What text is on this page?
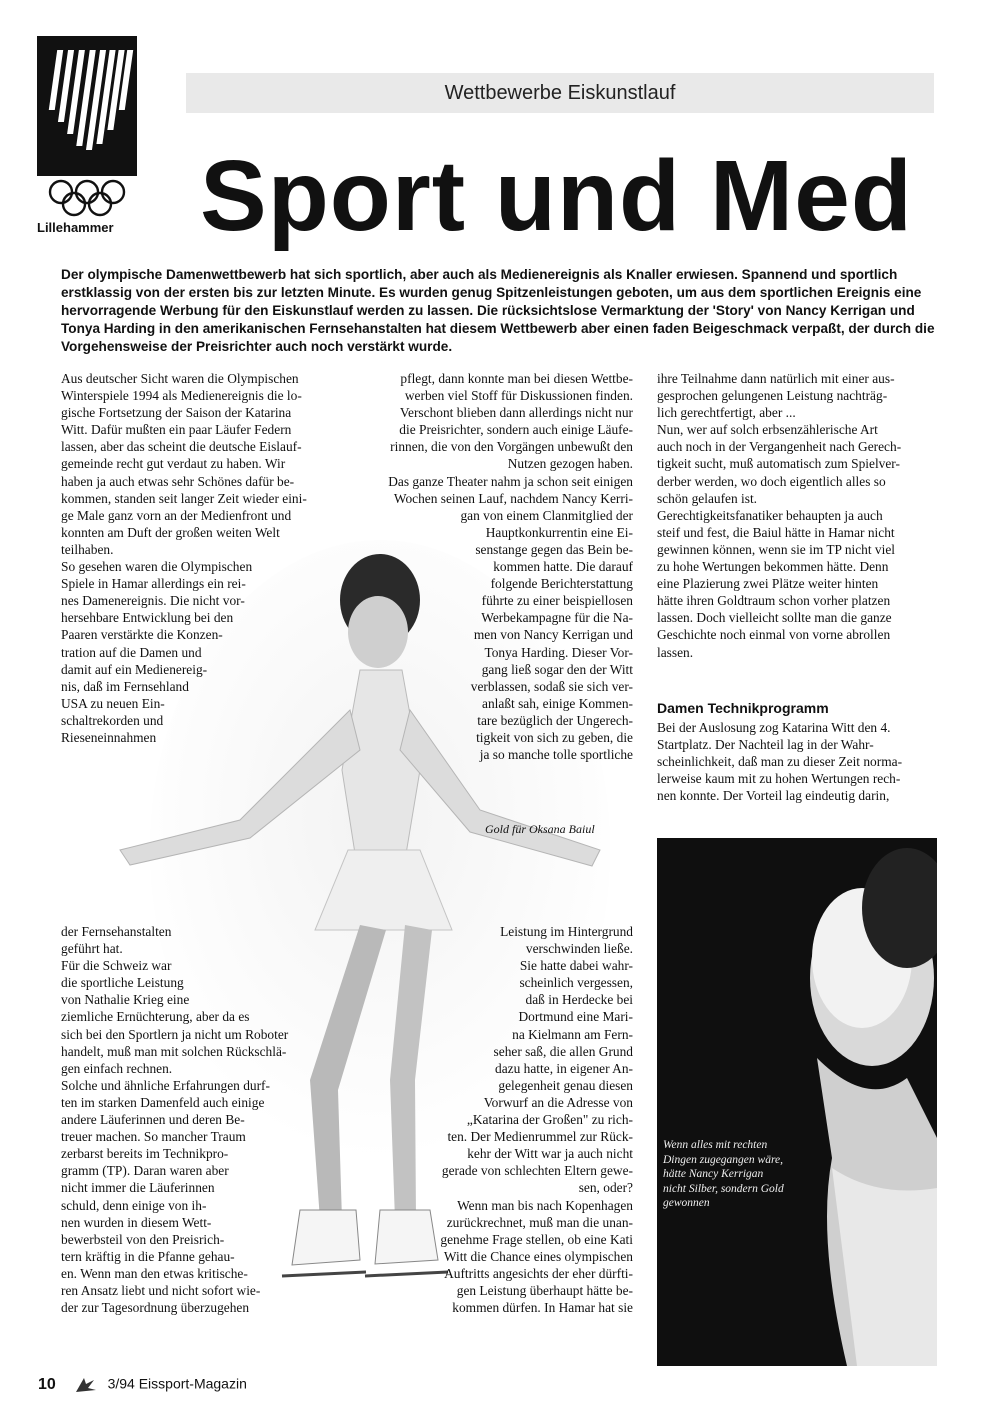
Lillehammer
Wettbewerbe Eiskunstlauf
Sport und Med
Der olympische Damenwettbewerb hat sich sportlich, aber auch als Medienereignis als Knaller erwiesen. Spannend und sportlich erstklassig von der ersten bis zur letzten Minute. Es wurden genug Spitzenleistungen geboten, um aus dem sportlichen Ereignis eine hervorragende Werbung für den Eiskunstlauf werden zu lassen. Die rücksichtslose Vermarktung der 'Story' von Nancy Kerrigan und Tonya Harding in den amerikanischen Fernsehanstalten hat diesem Wettbewerb aber einen faden Beigeschmack verpaßt, der durch die Vorgehensweise der Preisrichter auch noch verstärkt wurde.

Aus deutscher Sicht waren die Olympischen

Winterspiele 1994 als Medienereignis die lo-

gische Fortsetzung der Saison der Katarina

Witt. Dafür mußten ein paar Läufer Federn

lassen, aber das scheint die deutsche Eislauf-

gemeinde recht gut verdaut zu haben. Wir

haben ja auch etwas sehr Schönes dafür be-

kommen, standen seit langer Zeit wieder eini-

ge Male ganz vorn an der Medienfront und

konnten am Duft der großen weiten Welt

teilhaben.

So gesehen waren die Olympischen

Spiele in Hamar allerdings ein rei-

nes Damenereignis. Die nicht vor-

hersehbare Entwicklung bei den

Paaren verstärkte die Konzen-

tration auf die Damen und

damit auf ein Medienereig-

nis, daß im Fernsehland

USA zu neuen Ein-

schaltrekorden und

Rieseneinnahmen

der Fernsehanstalten

geführt hat.

Für die Schweiz war

die sportliche Leistung

von Nathalie Krieg eine

ziemliche Ernüchterung, aber da es

sich bei den Sportlern ja nicht um Roboter

handelt, muß man mit solchen Rückschlä-

gen einfach rechnen.

Solche und ähnliche Erfahrungen durf-

ten im starken Damenfeld auch einige

andere Läuferinnen und deren Be-

treuer machen. So mancher Traum

zerbarst bereits im Technikpro-

gramm (TP). Daran waren aber

nicht immer die Läuferinnen

schuld, denn einige von ih-

nen wurden in diesem Wett-

bewerbsteil von den Preisrich-

tern kräftig in die Pfanne gehau-

en. Wenn man den etwas kritische-

ren Ansatz liebt und nicht sofort wie-

der zur Tagesordnung überzugehen

pflegt, dann konnte man bei diesen Wettbe-

werben viel Stoff für Diskussionen finden.

Verschont blieben dann allerdings nicht nur

die Preisrichter, sondern auch einige Läufe-

rinnen, die von den Vorgängen unbewußt den

Nutzen gezogen haben.

Das ganze Theater nahm ja schon seit einigen

Wochen seinen Lauf, nachdem Nancy Kerri-

gan von einem Clanmitglied der

Hauptkonkurrentin eine Ei-

senstange gegen das Bein be-

kommen hatte. Die darauf

folgende Berichterstattung

führte zu einer beispiellosen

Werbekampagne für die Na-

men von Nancy Kerrigan und

Tonya Harding. Dieser Vor-

gang ließ sogar den der Witt

verblassen, sodaß sie sich ver-

anlaßt sah, einige Kommen-

tare bezüglich der Ungerech-

tigkeit von sich zu geben, die

ja so manche tolle sportliche

Gold für Oksana Baiul

Leistung im Hintergrund

verschwinden ließe.

Sie hatte dabei wahr-

scheinlich vergessen,

daß in Herdecke bei

Dortmund eine Mari-

na Kielmann am Fern-

seher saß, die allen Grund

dazu hatte, in eigener An-

gelegenheit genau diesen

Vorwurf an die Adresse von

„Katarina der Großen" zu rich-

ten. Der Medienrummel zur Rück-

kehr der Witt war ja auch nicht

gerade von schlechten Eltern gewe-

sen, oder?

Wenn man bis nach Kopenhagen

zurückrechnet, muß man die unan-

genehme Frage stellen, ob eine Kati

Witt die Chance eines olympischen

Auftritts angesichts der eher dürfti-

gen Leistung überhaupt hätte be-

kommen dürfen. In Hamar hat sie

ihre Teilnahme dann natürlich mit einer aus-

gesprochen gelungenen Leistung nachträg-

lich gerechtfertigt, aber ...

Nun, wer auf solch erbsenzählerische Art

auch noch in der Vergangenheit nach Gerech-

tigkeit sucht, muß automatisch zum Spielver-

derber werden, wo doch eigentlich alles so

schön gelaufen ist.

Gerechtigkeitsfanatiker behaupten ja auch

steif und fest, die Baiul hätte in Hamar nicht

gewinnen können, wenn sie im TP nicht viel

zu hohe Wertungen bekommen hätte. Denn

eine Plazierung zwei Plätze weiter hinten

hätte ihren Goldtraum schon vorher platzen

lassen. Doch vielleicht sollte man die ganze

Geschichte noch einmal von vorne abrollen

lassen.

Damen Technikprogramm

Bei der Auslosung zog Katarina Witt den 4.

Startplatz. Der Nachteil lag in der Wahr-

scheinlichkeit, daß man zu dieser Zeit norma-

lerweise kaum mit zu hohen Wertungen rech-

nen konnte. Der Vorteil lag eindeutig darin,

Wenn alles mit rechten
Dingen zugegangen wäre,
hätte Nancy Kerrigan
nicht Silber, sondern Gold
gewonnen
10	3/94 Eissport-Magazin
